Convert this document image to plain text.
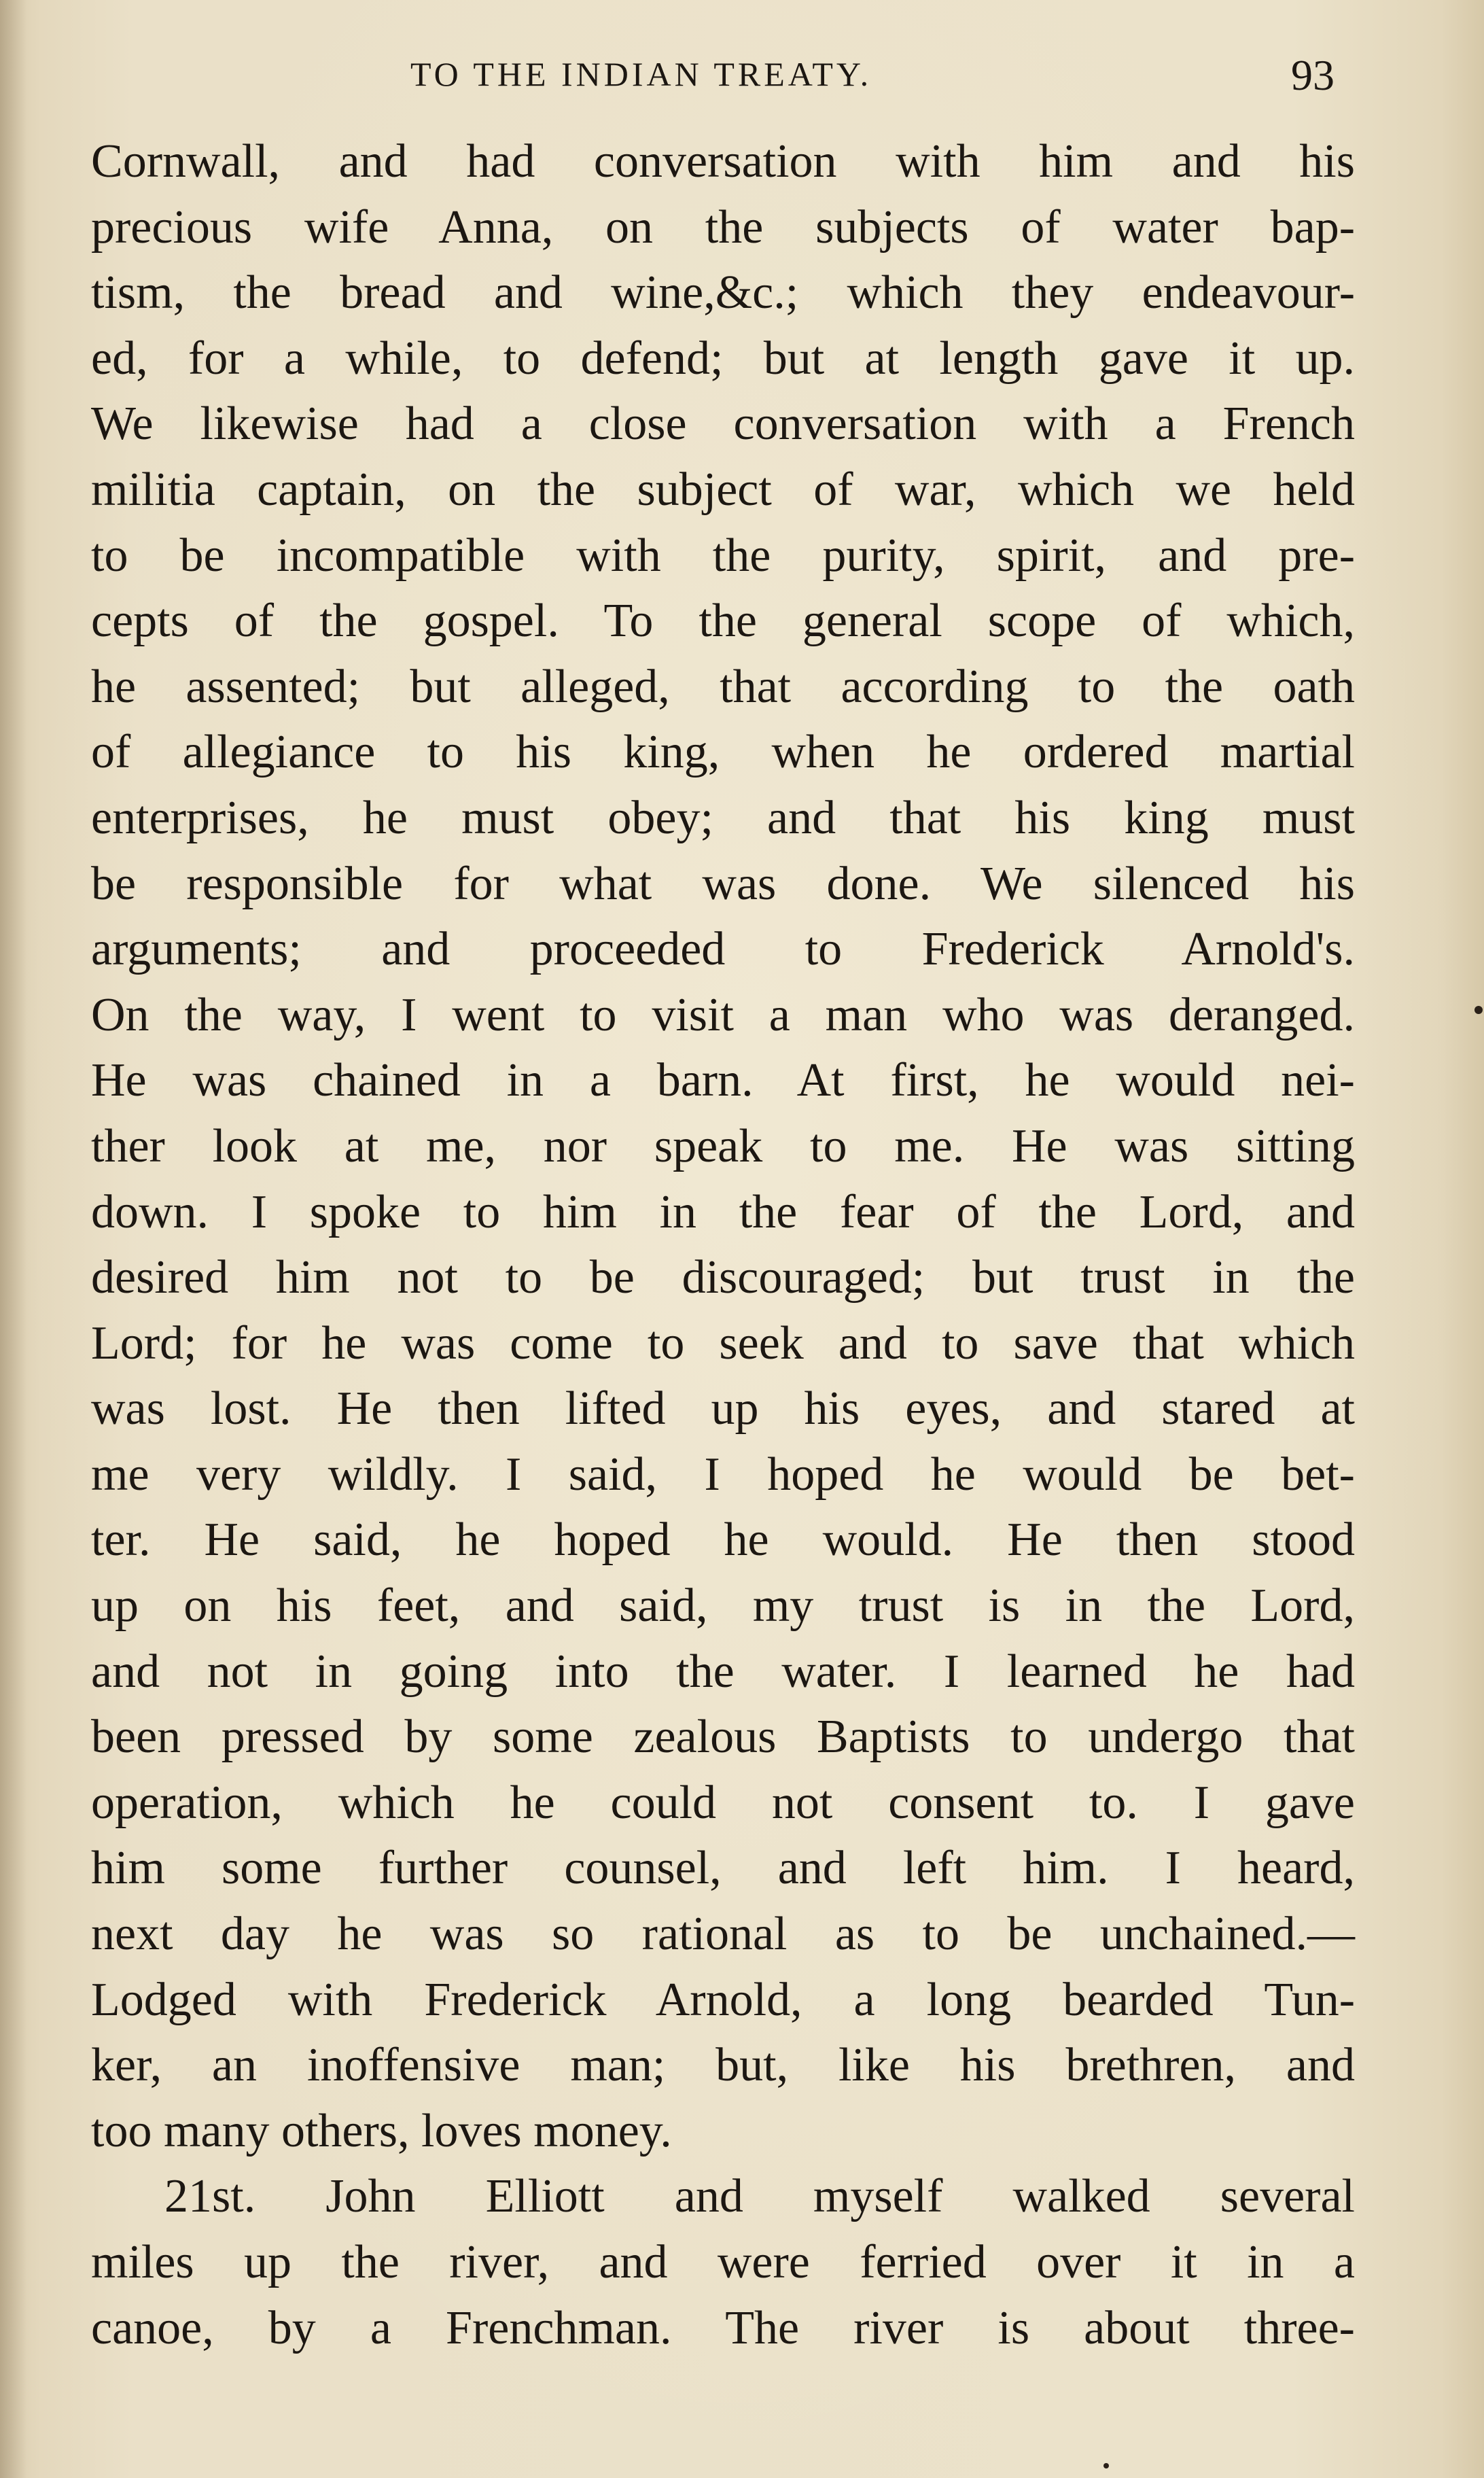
TO THE INDIAN TREATY.	93
Cornwall, and had conversation with him and his
precious wife Anna, on the subjects of water bap-
tism, the bread and wine,&c.; which they endeavour-
ed, for a while, to defend; but at length gave it up.
We likewise had a close conversation with a French
militia captain, on the subject of war, which we held
to be incompatible with the purity, spirit, and pre-
cepts of the gospel. To the general scope of which,
he assented; but alleged, that according to the oath
of allegiance to his king, when he ordered martial
enterprises, he must obey; and that his king must
be responsible for what was done. We silenced his
arguments; and proceeded to Frederick Arnold's.
On the way, I went to visit a man who was deranged.
He was chained in a barn. At first, he would nei-
ther look at me, nor speak to me. He was sitting
down. I spoke to him in the fear of the Lord, and
desired him not to be discouraged; but trust in the
Lord; for he was come to seek and to save that which
was lost. He then lifted up his eyes, and stared at
me very wildly. I said, I hoped he would be bet-
ter. He said, he hoped he would. He then stood
up on his feet, and said, my trust is in the Lord,
and not in going into the water. I learned he had
been pressed by some zealous Baptists to undergo that
operation, which he could not consent to. I gave
him some further counsel, and left him. I heard,
next day he was so rational as to be unchained.—
Lodged with Frederick Arnold, a long bearded Tun-
ker, an inoffensive man; but, like his brethren, and
too many others, loves money.
21st. John Elliott and myself walked several
miles up the river, and were ferried over it in a
canoe, by a Frenchman. The river is about three-
